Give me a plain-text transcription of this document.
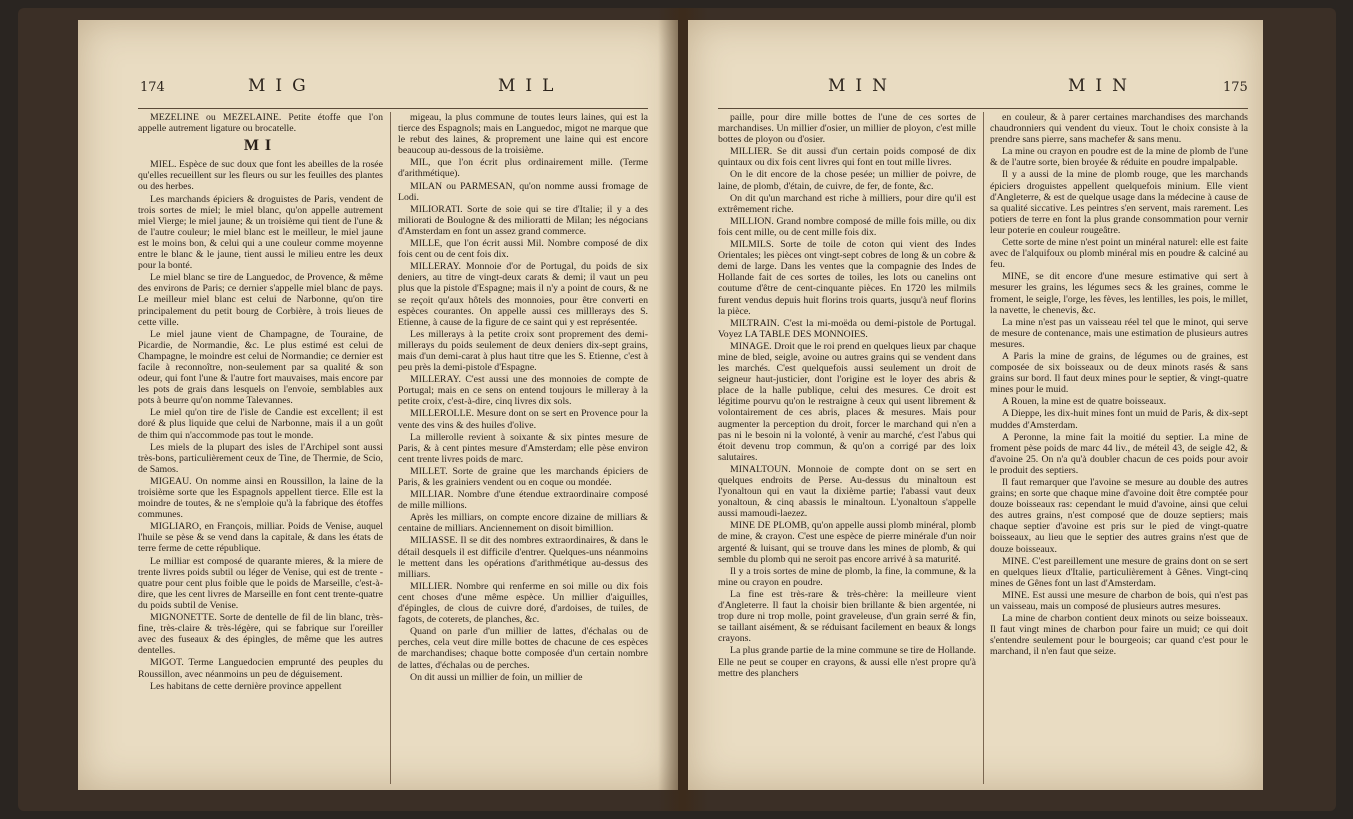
174	MIG	MIL

MEZELINE ou MEZELAINE. Petite étoffe que l'on appelle autrement ligature ou brocatelle.

MI

MIEL. Espèce de suc doux que font les abeilles de la rosée qu'elles recueillent sur les fleurs ou sur les feuilles des plantes ou des herbes.

Les marchands épiciers & droguistes de Paris, vendent de trois sortes de miel; le miel blanc, qu'on appelle autrement miel Vierge; le miel jaune; & un troisième qui tient de l'une & de l'autre couleur; le miel blanc est le meilleur, le miel jaune est le moins bon, & celui qui a une couleur comme moyenne entre le blanc & le jaune, tient aussi le milieu entre les deux pour la bonté.

Le miel blanc se tire de Languedoc, de Provence, & même des environs de Paris; ce dernier s'appelle miel blanc de pays. Le meilleur miel blanc est celui de Narbonne, qu'on tire principalement du petit bourg de Corbière, à trois lieues de cette ville.

Le miel jaune vient de Champagne, de Touraine, de Picardie, de Normandie, &c. Le plus estimé est celui de Champagne, le moindre est celui de Normandie; ce dernier est facile à reconnoître, non-seulement par sa qualité & son odeur, qui font l'une & l'autre fort mauvaises, mais encore par les pots de grais dans lesquels on l'envoie, semblables aux pots à beurre qu'on nomme Talevannes.

Le miel qu'on tire de l'isle de Candie est excellent; il est doré & plus liquide que celui de Narbonne, mais il a un goût de thim qui n'accommode pas tout le monde.

Les miels de la plupart des isles de l'Archipel sont aussi très-bons, particulièrement ceux de Tine, de Thermie, de Scio, de Samos.

MIGEAU. On nomme ainsi en Roussillon, la laine de la troisième sorte que les Espagnols appellent tierce. Elle est la moindre de toutes, & ne s'emploie qu'à la fabrique des étoffes communes.

MIGLIARO, en François, milliar. Poids de Venise, auquel l'huile se pèse & se vend dans la capitale, & dans les états de terre ferme de cette république.

Le milliar est composé de quarante mieres, & la miere de trente livres poids subtil ou léger de Venise, qui est de trente - quatre pour cent plus foible que le poids de Marseille, c'est-à-dire, que les cent livres de Marseille en font cent trente-quatre du poids subtil de Venise.

MIGNONETTE. Sorte de dentelle de fil de lin blanc, très-fine, très-claire & très-légère, qui se fabrique sur l'oreiller avec des fuseaux & des épingles, de même que les autres dentelles.

MIGOT. Terme Languedocien emprunté des peuples du Roussillon, avec néanmoins un peu de déguisement.

Les habitans de cette dernière province appellent

migeau, la plus commune de toutes leurs laines, qui est la tierce des Espagnols; mais en Languedoc, migot ne marque que le rebut des laines, & proprement une laine qui est encore beaucoup au-dessous de la troisième.

MIL, que l'on écrit plus ordinairement mille. (Terme d'arithmétique).

MILAN ou PARMESAN, qu'on nomme aussi fromage de Lodi.

MILIORATI. Sorte de soie qui se tire d'Italie; il y a des miliorati de Boulogne & des milioratti de Milan; les négocians d'Amsterdam en font un assez grand commerce.

MILLE, que l'on écrit aussi Mil. Nombre composé de dix fois cent ou de cent fois dix.

MILLERAY. Monnoie d'or de Portugal, du poids de six deniers, au titre de vingt-deux carats & demi; il vaut un peu plus que la pistole d'Espagne; mais il n'y a point de cours, & ne se reçoit qu'aux hôtels des monnoies, pour être converti en espèces courantes. On appelle aussi ces milllerays des S. Etienne, à cause de la figure de ce saint qui y est représentée.

Les millerays à la petite croix sont proprement des demi-millerays du poids seulement de deux deniers dix-sept grains, mais d'un demi-carat à plus haut titre que les S. Etienne, c'est à peu près la demi-pistole d'Espagne.

MILLERAY. C'est aussi une des monnoies de compte de Portugal; mais en ce sens on entend toujours le milleray à la petite croix, c'est-à-dire, cinq livres dix sols.

MILLEROLLE. Mesure dont on se sert en Provence pour la vente des vins & des huiles d'olive.

La millerolle revient à soixante & six pintes mesure de Paris, & à cent pintes mesure d'Amsterdam; elle pèse environ cent trente livres poids de marc.

MILLET. Sorte de graine que les marchands épiciers de Paris, & les grainiers vendent ou en coque ou mondée.

MILLIAR. Nombre d'une étendue extraordinaire composé de mille millions.

Après les milliars, on compte encore dizaine de milliars & centaine de milliars. Anciennement on disoit bimillion.

MILIASSE. Il se dit des nombres extraordinaires, & dans le détail desquels il est difficile d'entrer. Quelques-uns néanmoins le mettent dans les opérations d'arithmétique au-dessus des milliars.

MILLIER. Nombre qui renferme en soi mille ou dix fois cent choses d'une même espèce. Un millier d'aiguilles, d'épingles, de clous de cuivre doré, d'ardoises, de tuiles, de fagots, de coterets, de planches, &c.

Quand on parle d'un millier de lattes, d'échalas ou de perches, cela veut dire mille bottes de chacune de ces espèces de marchandises; chaque botte composée d'un certain nombre de lattes, d'échalas ou de perches.

On dit aussi un millier de foin, un millier de

MIN	MIN	175

paille, pour dire mille bottes de l'une de ces sortes de marchandises. Un millier d'osier, un millier de ployon, c'est mille bottes de ployon ou d'osier.

MILLIER. Se dit aussi d'un certain poids composé de dix quintaux ou dix fois cent livres qui font en tout mille livres.

On le dit encore de la chose pesée; un millier de poivre, de laine, de plomb, d'étain, de cuivre, de fer, de fonte, &c.

On dit qu'un marchand est riche à milliers, pour dire qu'il est extrêmement riche.

MILLION. Grand nombre composé de mille fois mille, ou dix fois cent mille, ou de cent mille fois dix.

MILMILS. Sorte de toile de coton qui vient des Indes Orientales; les pièces ont vingt-sept cobres de long & un cobre & demi de large. Dans les ventes que la compagnie des Indes de Hollande fait de ces sortes de toiles, les lots ou canelins ont coutume d'être de cent-cinquante pièces. En 1720 les milmils furent vendus depuis huit florins trois quarts, jusqu'à neuf florins la pièce.

MILTRAIN. C'est la mi-moëda ou demi-pistole de Portugal. Voyez LA TABLE DES MONNOIES.

MINAGE. Droit que le roi prend en quelques lieux par chaque mine de bled, seigle, avoine ou autres grains qui se vendent dans les marchés. C'est quelquefois aussi seulement un droit de seigneur haut-justicier, dont l'origine est le loyer des abris & place de la halle publique, celui des mesures. Ce droit est légitime pourvu qu'on le restraigne à ceux qui usent librement & volontairement de ces abris, places & mesures. Mais pour augmenter la perception du droit, forcer le marchand qui n'en a pas ni le besoin ni la volonté, à venir au marché, c'est l'abus qui étoit devenu trop commun, & qu'on a corrigé par des loix salutaires.

MINALTOUN. Monnoie de compte dont on se sert en quelques endroits de Perse. Au-dessus du minaltoun est l'yonaltoun qui en vaut la dixième partie; l'abassi vaut deux yonaltoun, & cinq abassis le minaltoun. L'yonaltoun s'appelle aussi mamoudi-laezez.

MINE DE PLOMB, qu'on appelle aussi plomb minéral, plomb de mine, & crayon. C'est une espèce de pierre minérale d'un noir argenté & luisant, qui se trouve dans les mines de plomb, & qui semble du plomb qui ne seroit pas encore arrivé à sa maturité.

Il y a trois sortes de mine de plomb, la fine, la commune, & la mine ou crayon en poudre.

La fine est très-rare & très-chère: la meilleure vient d'Angleterre. Il faut la choisir bien brillante & bien argentée, ni trop dure ni trop molle, point graveleuse, d'un grain serré & fin, se taillant aisément, & se réduisant facilement en beaux & longs crayons.

La plus grande partie de la mine commune se tire de Hollande. Elle ne peut se couper en crayons, & aussi elle n'est propre qu'à mettre des planchers

en couleur, & à parer certaines marchandises des marchands chaudronniers qui vendent du vieux. Tout le choix consiste à la prendre sans pierre, sans machefer & sans menu.

La mine ou crayon en poudre est de la mine de plomb de l'une & de l'autre sorte, bien broyée & réduite en poudre impalpable.

Il y a aussi de la mine de plomb rouge, que les marchands épiciers droguistes appellent quelquefois minium. Elle vient d'Angleterre, & est de quelque usage dans la médecine à cause de sa qualité siccative. Les peintres s'en servent, mais rarement. Les potiers de terre en font la plus grande consommation pour vernir leur poterie en couleur rougeâtre.

Cette sorte de mine n'est point un minéral naturel: elle est faite avec de l'alquifoux ou plomb minéral mis en poudre & calciné au feu.

MINE, se dit encore d'une mesure estimative qui sert à mesurer les grains, les légumes secs & les graines, comme le froment, le seigle, l'orge, les fèves, les lentilles, les pois, le millet, la navette, le chenevis, &c.

La mine n'est pas un vaisseau réel tel que le minot, qui serve de mesure de contenance, mais une estimation de plusieurs autres mesures.

A Paris la mine de grains, de légumes ou de graines, est composée de six boisseaux ou de deux minots rasés & sans grains sur bord. Il faut deux mines pour le septier, & vingt-quatre mines pour le muid.

A Rouen, la mine est de quatre boisseaux.

A Dieppe, les dix-huit mines font un muid de Paris, & dix-sept muddes d'Amsterdam.

A Peronne, la mine fait la moitié du septier. La mine de froment pèse poids de marc 44 liv., de méteil 43, de seigle 42, & d'avoine 25. On n'a qu'à doubler chacun de ces poids pour avoir le produit des septiers.

Il faut remarquer que l'avoine se mesure au double des autres grains; en sorte que chaque mine d'avoine doit être comptée pour douze boisseaux ras: cependant le muid d'avoine, ainsi que celui des autres grains, n'est composé que de douze septiers; mais chaque septier d'avoine est pris sur le pied de vingt-quatre boisseaux, au lieu que le septier des autres grains n'est que de douze boisseaux.

MINE. C'est pareillement une mesure de grains dont on se sert en quelques lieux d'Italie, particulièrement à Gênes. Vingt-cinq mines de Gênes font un last d'Amsterdam.

MINE. Est aussi une mesure de charbon de bois, qui n'est pas un vaisseau, mais un composé de plusieurs autres mesures.

La mine de charbon contient deux minots ou seize boisseaux. Il faut vingt mines de charbon pour faire un muid; ce qui doit s'entendre seulement pour le bourgeois; car quand c'est pour le marchand, il n'en faut que seize.
